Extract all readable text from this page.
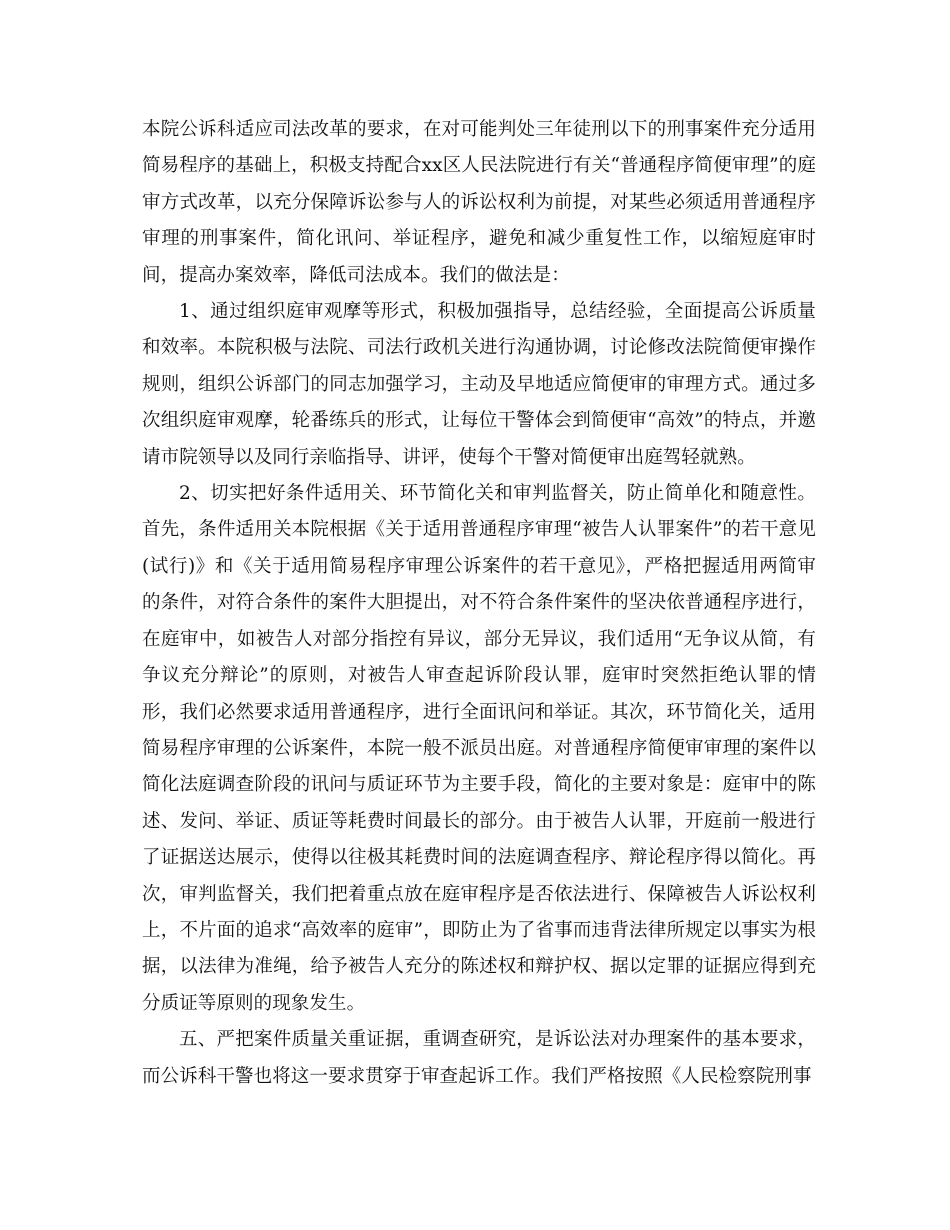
本院公诉科适应司法改革的要求，在对可能判处三年徒刑以下的刑事案件充分适用简易程序的基础上，积极支持配合xx区人民法院进行有关“普通程序简便审理”的庭审方式改革，以充分保障诉讼参与人的诉讼权利为前提，对某些必须适用普通程序审理的刑事案件，简化讯问、举证程序，避免和减少重复性工作，以缩短庭审时间，提高办案效率，降低司法成本。我们的做法是：

1、通过组织庭审观摩等形式，积极加强指导，总结经验，全面提高公诉质量和效率。本院积极与法院、司法行政机关进行沟通协调，讨论修改法院简便审操作规则，组织公诉部门的同志加强学习，主动及早地适应简便审的审理方式。通过多次组织庭审观摩，轮番练兵的形式，让每位干警体会到简便审“高效”的特点，并邀请市院领导以及同行亲临指导、讲评，使每个干警对简便审出庭驾轻就熟。

2、切实把好条件适用关、环节简化关和审判监督关，防止简单化和随意性。首先，条件适用关本院根据《关于适用普通程序审理“被告人认罪案件”的若干意见(试行)》和《关于适用简易程序审理公诉案件的若干意见》，严格把握适用两简审的条件，对符合条件的案件大胆提出，对不符合条件案件的坚决依普通程序进行，在庭审中，如被告人对部分指控有异议，部分无异议，我们适用“无争议从简，有争议充分辩论”的原则，对被告人审查起诉阶段认罪，庭审时突然拒绝认罪的情形，我们必然要求适用普通程序，进行全面讯问和举证。其次，环节简化关，适用简易程序审理的公诉案件，本院一般不派员出庭。对普通程序简便审审理的案件以简化法庭调查阶段的讯问与质证环节为主要手段，简化的主要对象是：庭审中的陈述、发问、举证、质证等耗费时间最长的部分。由于被告人认罪，开庭前一般进行了证据送达展示，使得以往极其耗费时间的法庭调查程序、辩论程序得以简化。再次，审判监督关，我们把着重点放在庭审程序是否依法进行、保障被告人诉讼权利上，不片面的追求“高效率的庭审”，即防止为了省事而违背法律所规定以事实为根据，以法律为准绳，给予被告人充分的陈述权和辩护权、据以定罪的证据应得到充分质证等原则的现象发生。

五、严把案件质量关重证据，重调查研究，是诉讼法对办理案件的基本要求，而公诉科干警也将这一要求贯穿于审查起诉工作。我们严格按照《人民检察院刑事
